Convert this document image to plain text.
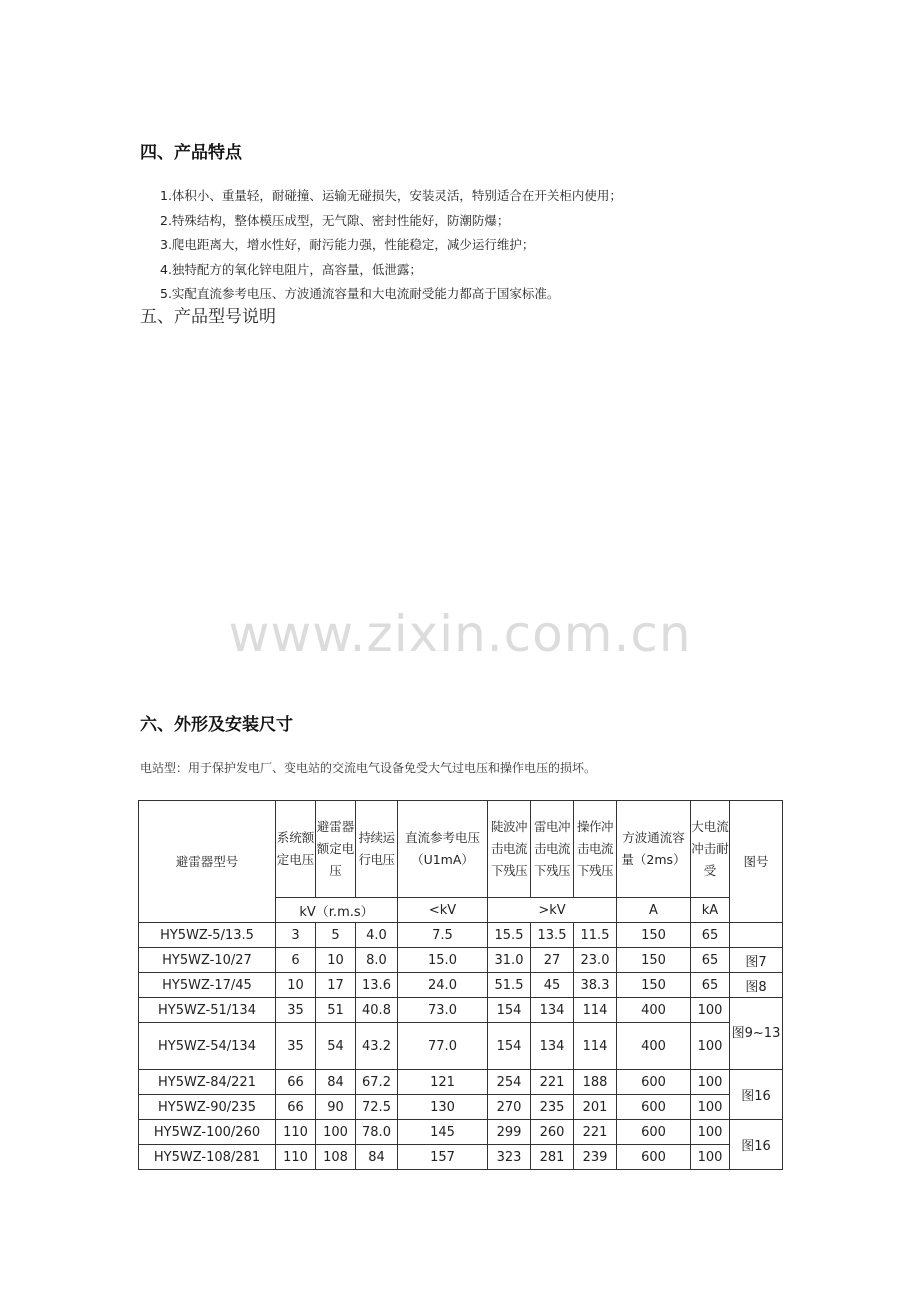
四、产品特点
1.体积小、重量轻，耐碰撞、运输无碰损失，安装灵活，特别适合在开关柜内使用；
2.特殊结构，整体模压成型，无气隙、密封性能好，防潮防爆；
3.爬电距离大，增水性好，耐污能力强，性能稳定，减少运行维护；
4.独特配方的氧化锌电阻片，高容量，低泄露；
5.实配直流参考电压、方波通流容量和大电流耐受能力都高于国家标准。
五、产品型号说明
www.zixin.com.cn
六、外形及安装尺寸
电站型：用于保护发电厂、变电站的交流电气设备免受大气过电压和操作电压的损坏。
避雷器型号	系统额定电压	避雷器额定电压	持续运行电压	直流参考电压（U1mA）	陡波冲击电流下残压	雷电冲击电流下残压	操作冲击电流下残压	方波通流容量（2ms）	大电流冲击耐受	图号
	kV（r.m.s）			<kV	>kV			A	kA	
HY5WZ-5/13.5	3	5	4.0	7.5	15.5	13.5	11.5	150	65	
HY5WZ-10/27	6	10	8.0	15.0	31.0	27	23.0	150	65	图7
HY5WZ-17/45	10	17	13.6	24.0	51.5	45	38.3	150	65	图8
HY5WZ-51/134	35	51	40.8	73.0	154	134	114	400	100	图9~13
HY5WZ-54/134	35	54	43.2	77.0	154	134	114	400	100	
HY5WZ-84/221	66	84	67.2	121	254	221	188	600	100	图16
HY5WZ-90/235	66	90	72.5	130	270	235	201	600	100	
HY5WZ-100/260	110	100	78.0	145	299	260	221	600	100	图16
HY5WZ-108/281	110	108	84	157	323	281	239	600	100	
